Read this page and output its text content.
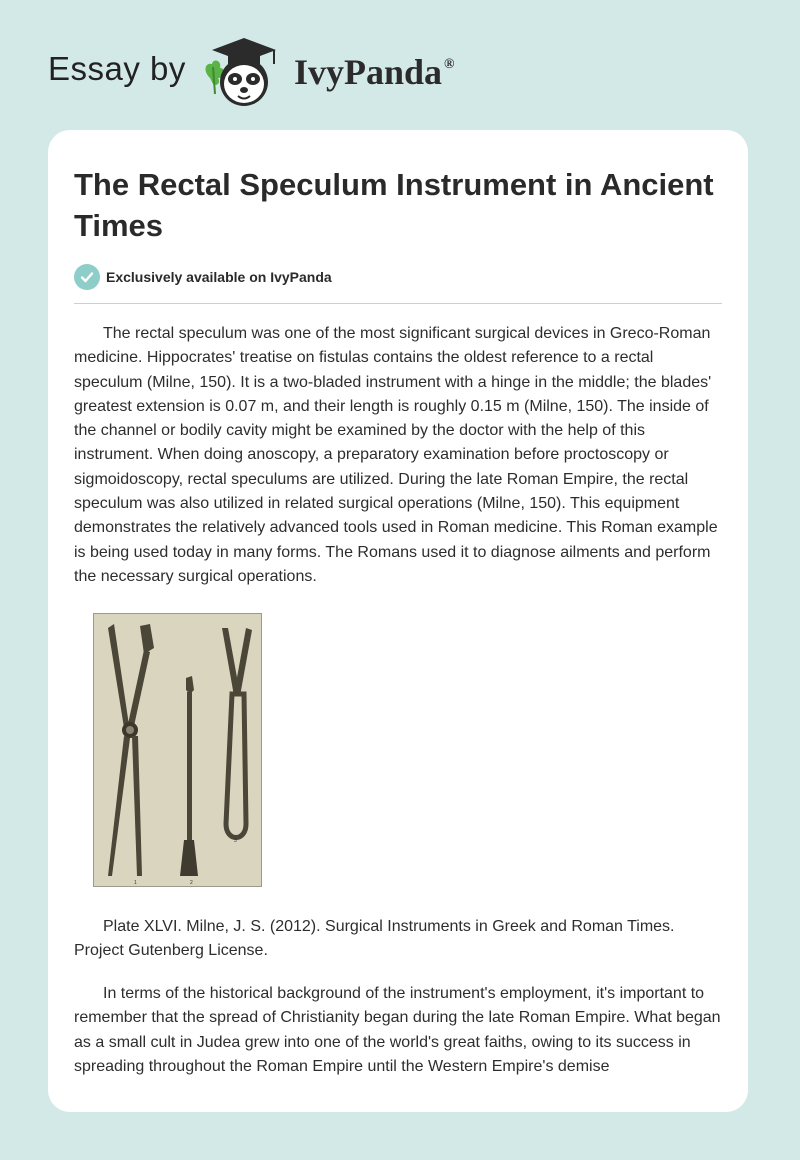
Essay by	IvyPanda ®
The Rectal Speculum Instrument in Ancient Times
Exclusively available on IvyPanda

The rectal speculum was one of the most significant surgical devices in Greco-Roman medicine. Hippocrates' treatise on fistulas contains the oldest reference to a rectal speculum (Milne, 150). It is a two-bladed instrument with a hinge in the middle; the blades' greatest extension is 0.07 m, and their length is roughly 0.15 m (Milne, 150). The inside of the channel or bodily cavity might be examined by the doctor with the help of this instrument. When doing anoscopy, a preparatory examination before proctoscopy or sigmoidoscopy, rectal speculums are utilized. During the late Roman Empire, the rectal speculum was also utilized in related surgical operations (Milne, 150). This equipment demonstrates the relatively advanced tools used in Roman medicine. This Roman example is being used today in many forms. The Romans used it to diagnose ailments and perform the necessary surgical operations.

1	2
3

Plate XLVI. Milne, J. S. (2012). Surgical Instruments in Greek and Roman Times. Project Gutenberg License.

In terms of the historical background of the instrument's employment, it's important to remember that the spread of Christianity began during the late Roman Empire. What began as a small cult in Judea grew into one of the world's great faiths, owing to its success in spreading throughout the Roman Empire until the Western Empire's demise
